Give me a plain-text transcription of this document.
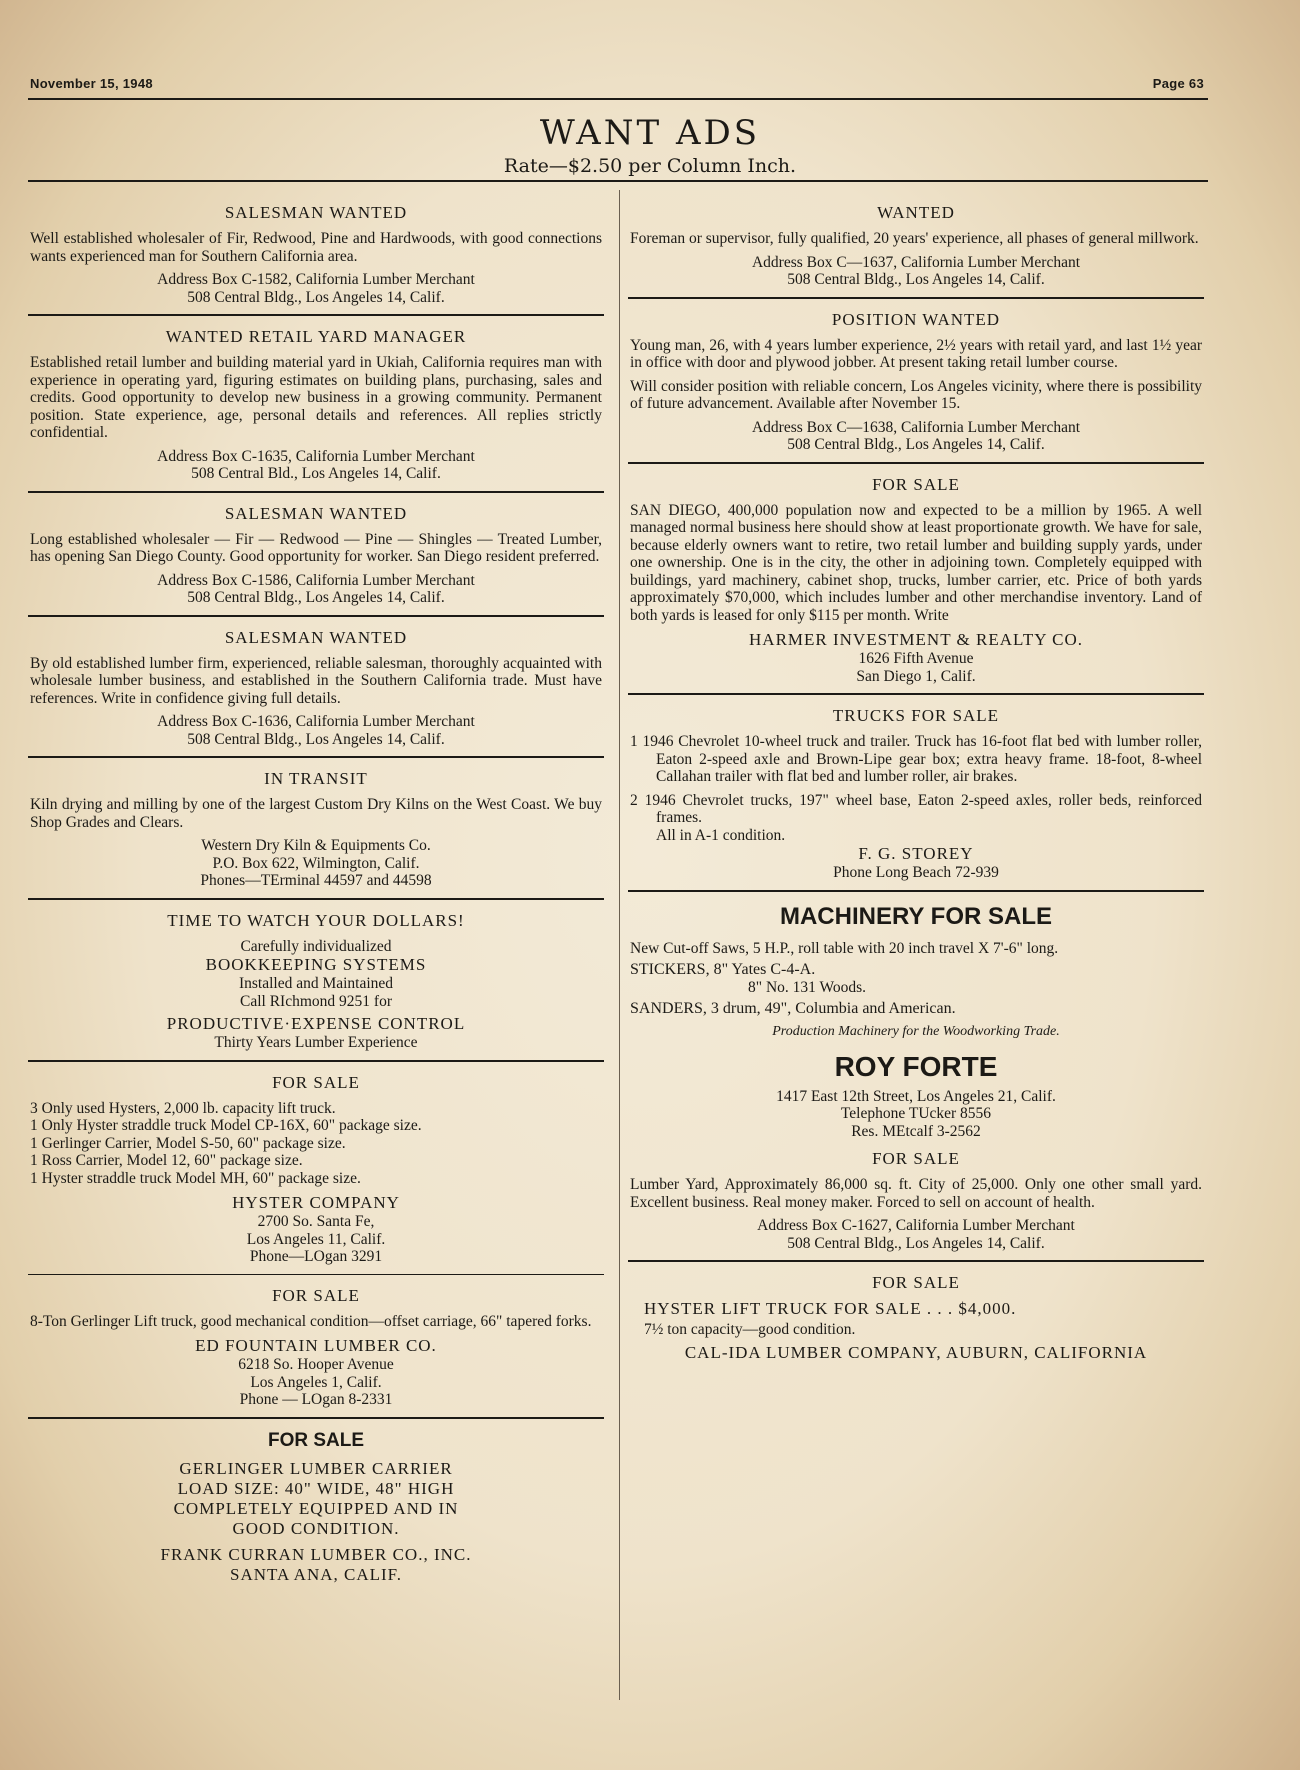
November 15, 1948	Page 63
WANT ADS
Rate—$2.50 per Column Inch.
SALESMAN WANTED
Well established wholesaler of Fir, Redwood, Pine and Hardwoods, with good connections wants experienced man for Southern California area.
Address Box C-1582, California Lumber Merchant
508 Central Bldg., Los Angeles 14, Calif.
WANTED RETAIL YARD MANAGER
Established retail lumber and building material yard in Ukiah, California requires man with experience in operating yard, figuring estimates on building plans, purchasing, sales and credits. Good opportunity to develop new business in a growing community. Permanent position. State experience, age, personal details and references. All replies strictly confidential.
Address Box C-1635, California Lumber Merchant
508 Central Bld., Los Angeles 14, Calif.
SALESMAN WANTED
Long established wholesaler — Fir — Redwood — Pine — Shingles — Treated Lumber, has opening San Diego County. Good opportunity for worker. San Diego resident preferred.
Address Box C-1586, California Lumber Merchant
508 Central Bldg., Los Angeles 14, Calif.
SALESMAN WANTED
By old established lumber firm, experienced, reliable salesman, thoroughly acquainted with wholesale lumber business, and established in the Southern California trade. Must have references. Write in confidence giving full details.
Address Box C-1636, California Lumber Merchant
508 Central Bldg., Los Angeles 14, Calif.
IN TRANSIT
Kiln drying and milling by one of the largest Custom Dry Kilns on the West Coast. We buy Shop Grades and Clears.
Western Dry Kiln & Equipments Co.
P.O. Box 622, Wilmington, Calif.
Phones—TErminal 44597 and 44598
TIME TO WATCH YOUR DOLLARS!
Carefully individualized
BOOKKEEPING SYSTEMS
Installed and Maintained
Call RIchmond 9251 for
PRODUCTIVE·EXPENSE CONTROL
Thirty Years Lumber Experience
FOR SALE
3 Only used Hysters, 2,000 lb. capacity lift truck.
1 Only Hyster straddle truck Model CP-16X, 60" package size.
1 Gerlinger Carrier, Model S-50, 60" package size.
1 Ross Carrier, Model 12, 60" package size.
1 Hyster straddle truck Model MH, 60" package size.
HYSTER COMPANY
2700 So. Santa Fe,
Los Angeles 11, Calif.
Phone—LOgan 3291
FOR SALE
8-Ton Gerlinger Lift truck, good mechanical condition—offset carriage, 66" tapered forks.
ED FOUNTAIN LUMBER CO.
6218 So. Hooper Avenue
Los Angeles 1, Calif.
Phone — LOgan 8-2331
FOR SALE
GERLINGER LUMBER CARRIER
LOAD SIZE: 40" WIDE, 48" HIGH
COMPLETELY EQUIPPED AND IN
GOOD CONDITION.
FRANK CURRAN LUMBER CO., INC.
SANTA ANA, CALIF.
WANTED
Foreman or supervisor, fully qualified, 20 years' experience, all phases of general millwork.
Address Box C—1637, California Lumber Merchant
508 Central Bldg., Los Angeles 14, Calif.
POSITION WANTED
Young man, 26, with 4 years lumber experience, 2½ years with retail yard, and last 1½ year in office with door and plywood jobber. At present taking retail lumber course.
Will consider position with reliable concern, Los Angeles vicinity, where there is possibility of future advancement. Available after November 15.
Address Box C—1638, California Lumber Merchant
508 Central Bldg., Los Angeles 14, Calif.
FOR SALE
SAN DIEGO, 400,000 population now and expected to be a million by 1965. A well managed normal business here should show at least proportionate growth. We have for sale, because elderly owners want to retire, two retail lumber and building supply yards, under one ownership. One is in the city, the other in adjoining town. Completely equipped with buildings, yard machinery, cabinet shop, trucks, lumber carrier, etc. Price of both yards approximately $70,000, which includes lumber and other merchandise inventory. Land of both yards is leased for only $115 per month. Write
HARMER INVESTMENT & REALTY CO.
1626 Fifth Avenue
San Diego 1, Calif.
TRUCKS FOR SALE
1 1946 Chevrolet 10-wheel truck and trailer. Truck has 16-foot flat bed with lumber roller, Eaton 2-speed axle and Brown-Lipe gear box; extra heavy frame. 18-foot, 8-wheel Callahan trailer with flat bed and lumber roller, air brakes.
2 1946 Chevrolet trucks, 197" wheel base, Eaton 2-speed axles, roller beds, reinforced frames.
All in A-1 condition.
F. G. STOREY
Phone Long Beach 72-939
MACHINERY FOR SALE
New Cut-off Saws, 5 H.P., roll table with 20 inch travel X 7'-6" long.
STICKERS, 8" Yates C-4-A.
8" No. 131 Woods.
SANDERS, 3 drum, 49", Columbia and American.
Production Machinery for the Woodworking Trade.
ROY FORTE
1417 East 12th Street, Los Angeles 21, Calif.
Telephone TUcker 8556
Res. MEtcalf 3-2562
FOR SALE
Lumber Yard, Approximately 86,000 sq. ft. City of 25,000. Only one other small yard. Excellent business. Real money maker. Forced to sell on account of health.
Address Box C-1627, California Lumber Merchant
508 Central Bldg., Los Angeles 14, Calif.
FOR SALE
HYSTER LIFT TRUCK FOR SALE . . . $4,000.
7½ ton capacity—good condition.
CAL-IDA LUMBER COMPANY, AUBURN, CALIFORNIA
